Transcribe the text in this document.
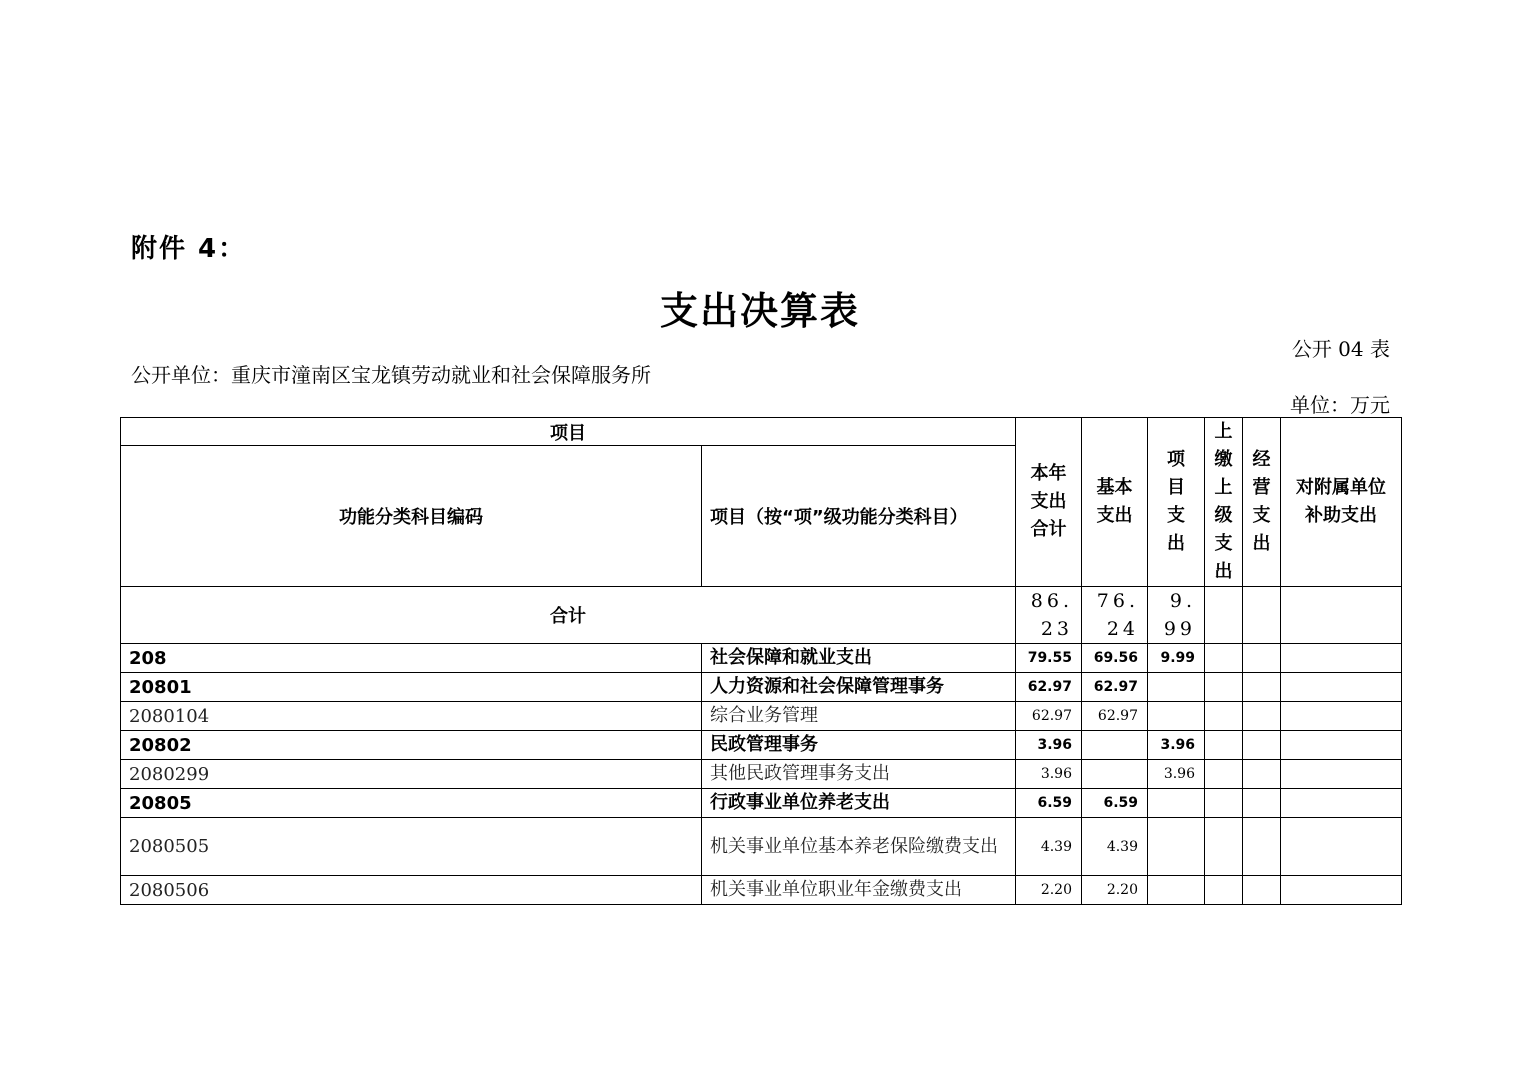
附件 4：
支出决算表
公开 04 表
公开单位：重庆市潼南区宝龙镇劳动就业和社会保障服务所
单位：万元
项目		本年支出合计	基本支出	项目支出	上缴上级支出	经营支出	对附属单位补助支出

功能分类科目编码	项目（按“项”级功能分类科目）						
合计		86.23	76.24	9.99			
208	社会保障和就业支出	79.55	69.56	9.99			
20801	人力资源和社会保障管理事务	62.97	62.97				
2080104	综合业务管理	62.97	62.97				
20802	民政管理事务	3.96		3.96			
2080299	其他民政管理事务支出	3.96		3.96			
20805	行政事业单位养老支出	6.59	6.59				
2080505	机关事业单位基本养老保险缴费支出	4.39	4.39				
2080506	机关事业单位职业年金缴费支出	2.20	2.20				
